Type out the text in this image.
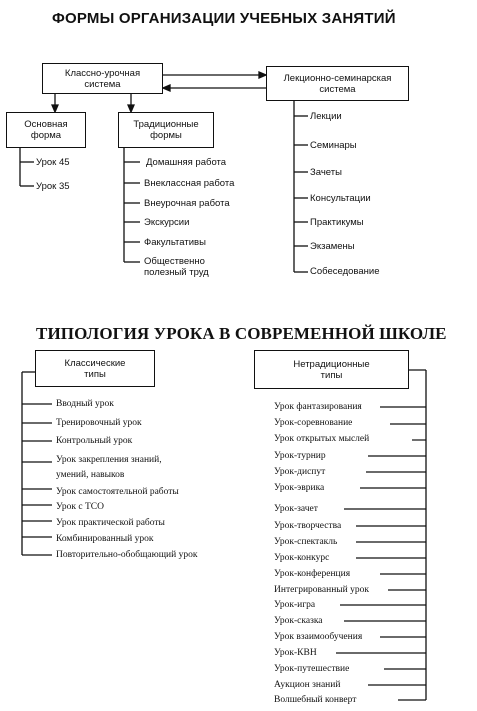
ФОРМЫ ОРГАНИЗАЦИИ УЧЕБНЫХ ЗАНЯТИЙ
Классно-урочная
система
Лекционно-семинарская
система
Основная
форма
Традиционные
формы
Урок 45
Урок 35
Домашняя работа
Внеклассная работа
Внеурочная работа
Экскурсии
Факультативы
Общественно
полезный труд
Лекции
Семинары
Зачеты
Консультации
Практикумы
Экзамены
Собеседование
ТИПОЛОГИЯ УРОКА В СОВРЕМЕННОЙ ШКОЛЕ
Классические
типы
Нетрадиционные
типы
Вводный урок
Тренировочный урок
Контрольный урок
Урок закрепления знаний,
умений, навыков
Урок самостоятельной работы
Урок с ТСО
Урок практической работы
Комбинированный урок
Повторительно-обобщающий урок
Урок фантазирования
Урок-соревнование
Урок открытых мыслей
Урок-турнир
Урок-диспут
Урок-эврика
Урок-зачет
Урок-творчества
Урок-спектакль
Урок-конкурс
Урок-конференция
Интегрированный урок
Урок-игра
Урок-сказка
Урок взаимообучения
Урок-КВН
Урок-путешествие
Аукцион знаний
Волшебный конверт
